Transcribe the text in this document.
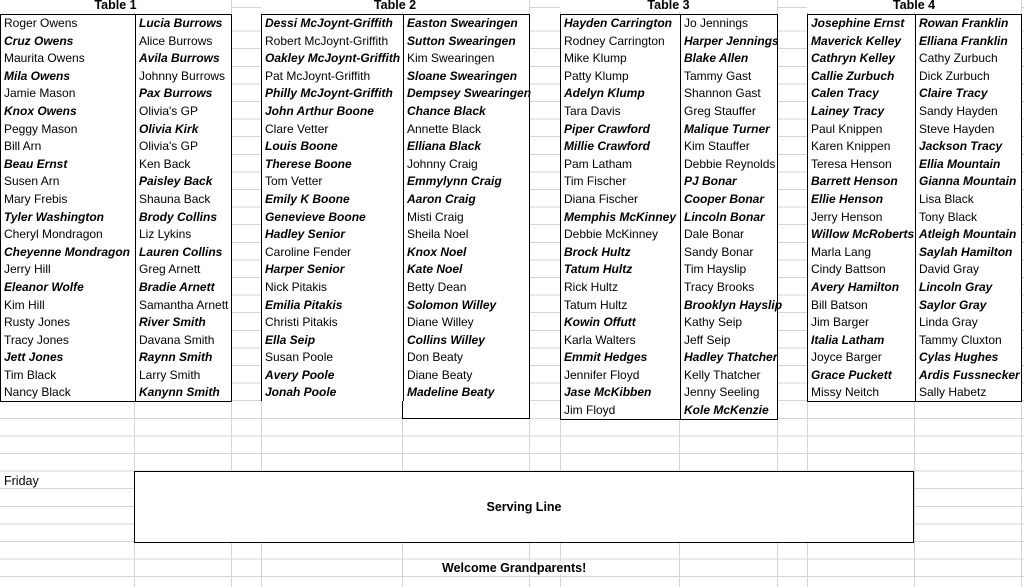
Table 1
Roger Owens
Cruz Owens
Maurita Owens
Mila Owens
Jamie Mason
Knox Owens
Peggy Mason
Bill Arn
Beau Ernst
Susen Arn
Mary Frebis
Tyler Washington
Cheryl Mondragon
Cheyenne Mondragon
Jerry Hill
Eleanor Wolfe
Kim Hill
Rusty Jones
Tracy Jones
Jett Jones
Tim Black
Nancy Black
Lucia Burrows
Alice Burrows
Avila Burrows
Johnny Burrows
Pax Burrows
Olivia's GP
Olivia Kirk
Olivia's GP
Ken Back
Paisley Back
Shauna Back
Brody Collins
Liz Lykins
Lauren Collins
Greg Arnett
Bradie Arnett
Samantha Arnett
River Smith
Davana Smith
Raynn Smith
Larry Smith
Kanynn Smith
Table 2
Dessi McJoynt-Griffith
Robert McJoynt-Griffith
Oakley McJoynt-Griffith
Pat McJoynt-Griffith
Philly McJoynt-Griffith
John Arthur Boone
Clare Vetter
Louis Boone
Therese Boone
Tom Vetter
Emily K Boone
Genevieve Boone
Hadley Senior
Caroline Fender
Harper Senior
Nick Pitakis
Emilia Pitakis
Christi Pitakis
Ella Seip
Susan Poole
Avery Poole
Jonah Poole
Easton Swearingen
Sutton Swearingen
Kim Swearingen
Sloane Swearingen
Dempsey Swearingen
Chance Black
Annette Black
Elliana Black
Johnny Craig
Emmylynn Craig
Aaron Craig
Misti Craig
Sheila Noel
Knox Noel
Kate Noel
Betty Dean
Solomon Willey
Diane Willey
Collins Willey
Don Beaty
Diane Beaty
Madeline Beaty
Table 3
Hayden Carrington
Rodney Carrington
Mike Klump
Patty Klump
Adelyn Klump
Tara Davis
Piper Crawford
Millie Crawford
Pam Latham
Tim Fischer
Diana Fischer
Memphis McKinney
Debbie McKinney
Brock Hultz
Tatum Hultz
Rick Hultz
Tatum Hultz
Kowin Offutt
Karla Walters
Emmit Hedges
Jennifer Floyd
Jase McKibben
Jim Floyd
Jo Jennings
Harper Jennings
Blake Allen
Tammy Gast
Shannon Gast
Greg Stauffer
Malique Turner
Kim Stauffer
Debbie Reynolds
PJ Bonar
Cooper Bonar
Lincoln Bonar
Dale Bonar
Sandy Bonar
Tim Hayslip
Tracy Brooks
Brooklyn Hayslip
Kathy Seip
Jeff Seip
Hadley Thatcher
Kelly Thatcher
Jenny Seeling
Kole McKenzie
Table 4
Josephine Ernst
Maverick Kelley
Cathryn Kelley
Callie Zurbuch
Calen Tracy
Lainey Tracy
Paul Knippen
Karen Knippen
Teresa Henson
Barrett Henson
Ellie Henson
Jerry Henson
Willow McRoberts
Marla Lang
Cindy Battson
Avery Hamilton
Bill Batson
Jim Barger
Italia Latham
Joyce Barger
Grace Puckett
Missy Neitch
Rowan Franklin
Elliana Franklin
Cathy Zurbuch
Dick Zurbuch
Claire Tracy
Sandy Hayden
Steve Hayden
Jackson Tracy
Ellia Mountain
Gianna Mountain
Lisa Black
Tony Black
Atleigh Mountain
Saylah Hamilton
David Gray
Lincoln Gray
Saylor Gray
Linda Gray
Tammy Cluxton
Cylas Hughes
Ardis Fussnecker
Sally Habetz
Friday
Serving Line
Welcome Grandparents!
